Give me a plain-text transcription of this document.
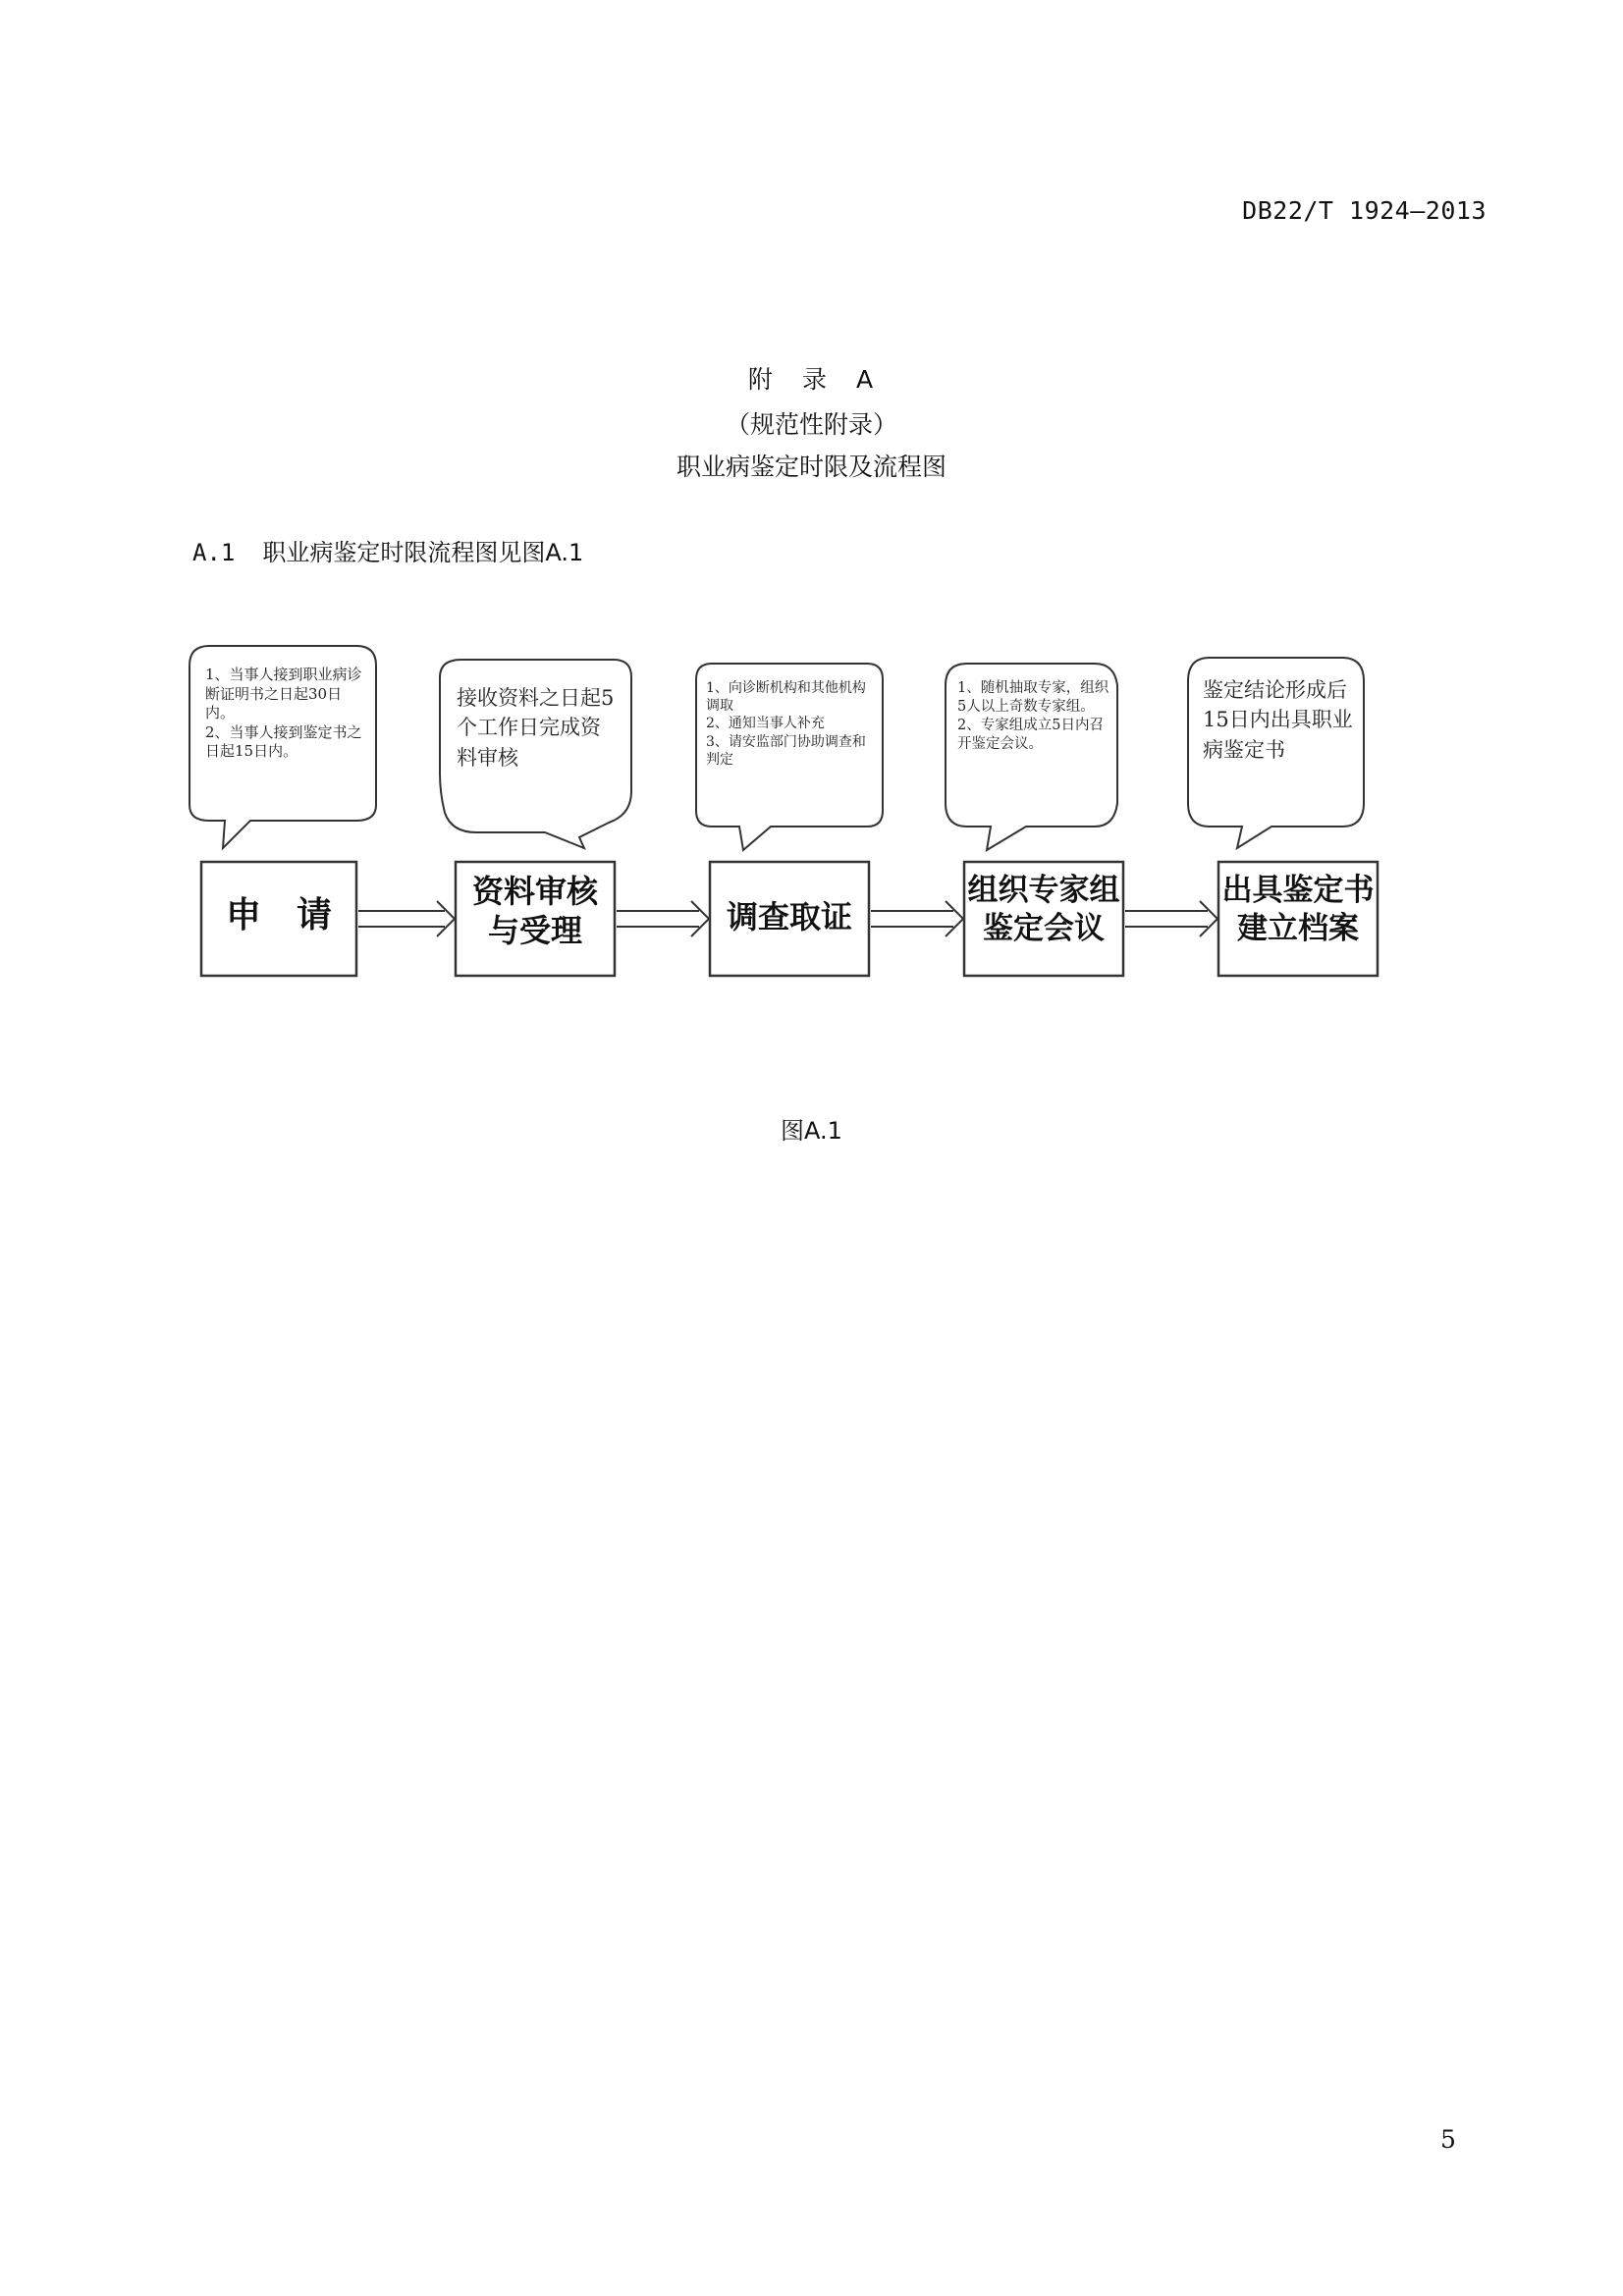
DB22/T 1924—2013
附 录 A
（规范性附录）
职业病鉴定时限及流程图
A.1 职业病鉴定时限流程图见图A.1
1、当事人接到职业病诊断证明书之日起30日内。
2、当事人接到鉴定书之日起15日内。
接收资料之日起5个工作日完成资料审核
1、向诊断机构和其他机构调取
2、通知当事人补充
3、请安监部门协助调查和判定
1、随机抽取专家，组织5人以上奇数专家组。
2、专家组成立5日内召开鉴定会议。
鉴定结论形成后15日内出具职业病鉴定书
申　请
资料审核
与受理	调查取证
组织专家组
鉴定会议
出具鉴定书
建立档案
图A.1
5
